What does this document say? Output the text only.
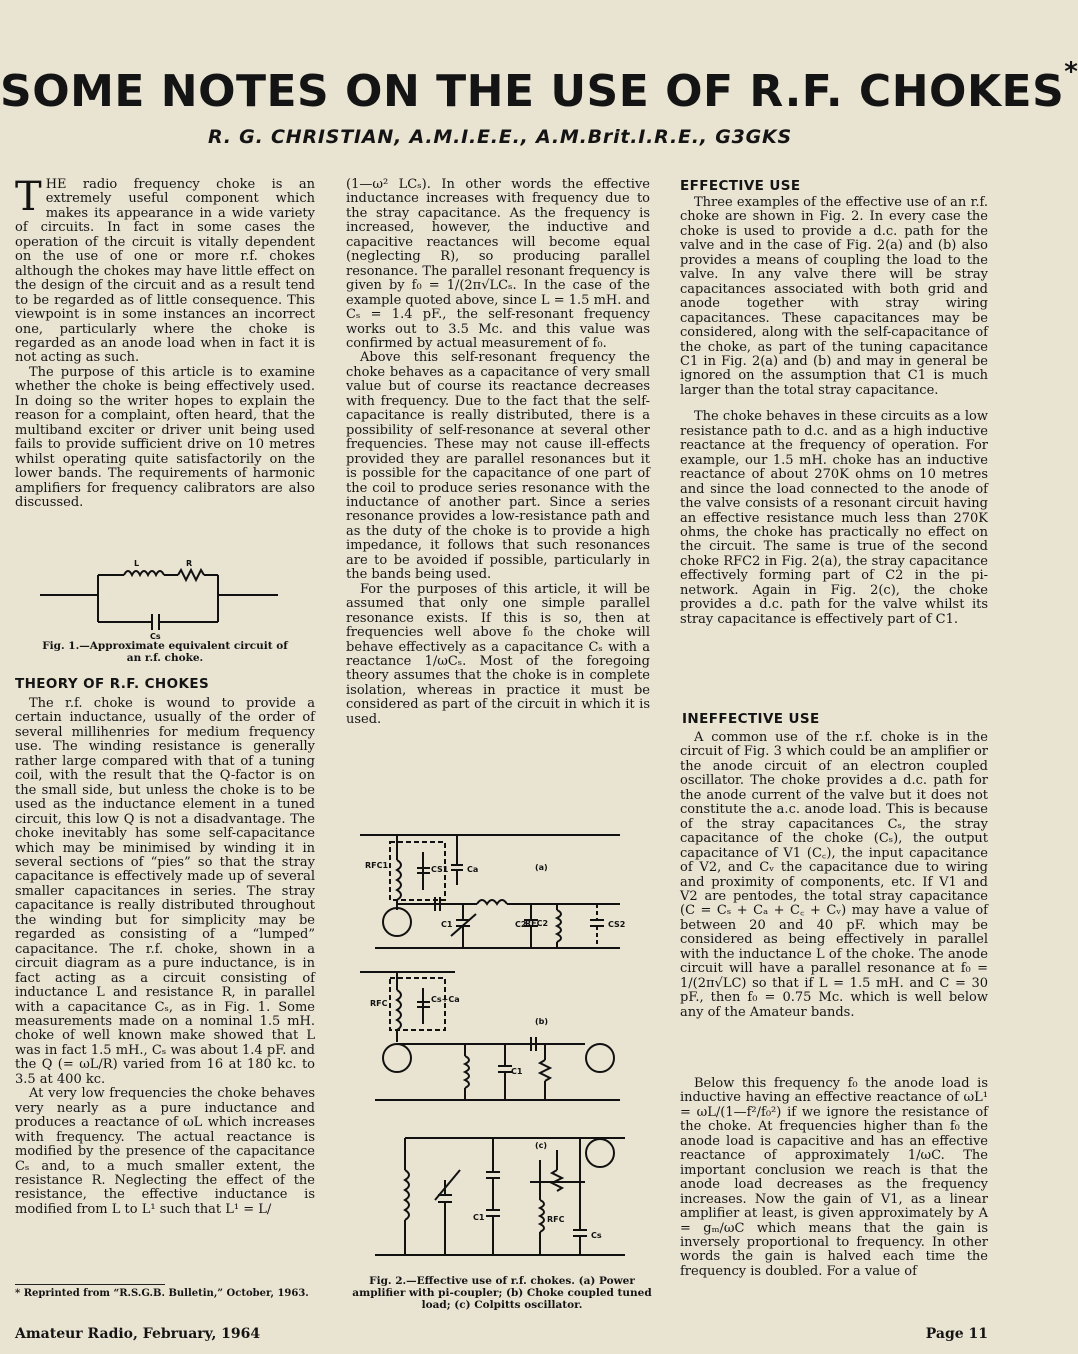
SOME NOTES ON THE USE OF R.F. CHOKES*
R. G. CHRISTIAN, A.M.I.E.E., A.M.Brit.I.R.E., G3GKS

THE radio frequency choke is an extremely useful component which makes its appearance in a wide variety of circuits. In fact in some cases the operation of the circuit is vitally dependent on the use of one or more r.f. chokes although the chokes may have little effect on the design of the circuit and as a result tend to be regarded as of little consequence. This viewpoint is in some instances an incorrect one, particularly where the choke is regarded as an anode load when in fact it is not acting as such.

The purpose of this article is to examine whether the choke is being effectively used. In doing so the writer hopes to explain the reason for a complaint, often heard, that the multiband exciter or driver unit being used fails to provide sufficient drive on 10 metres whilst operating quite satisfactorily on the lower bands. The requirements of harmonic amplifiers for frequency calibrators are also discussed.

L	R
Cs
Fig. 1.—Approximate equivalent circuit of an r.f. choke.
THEORY OF R.F. CHOKES

The r.f. choke is wound to provide a certain inductance, usually of the order of several millihenries for medium frequency use. The winding resistance is generally rather large compared with that of a tuning coil, with the result that the Q-factor is on the small side, but unless the choke is to be used as the inductance element in a tuned circuit, this low Q is not a disadvantage. The choke inevitably has some self-capacitance which may be minimised by winding it in several sections of “pies” so that the stray capacitance is effectively made up of several smaller capacitances in series. The stray capacitance is really distributed throughout the winding but for simplicity may be regarded as consisting of a “lumped” capacitance. The r.f. choke, shown in a circuit diagram as a pure inductance, is in fact acting as a circuit consisting of inductance L and resistance R, in parallel with a capacitance Cₛ, as in Fig. 1. Some measurements made on a nominal 1.5 mH. choke of well known make showed that L was in fact 1.5 mH., Cₛ was about 1.4 pF. and the Q (= ωL/R) varied from 16 at 180 kc. to 3.5 at 400 kc.

At very low frequencies the choke behaves very nearly as a pure inductance and produces a reactance of ωL which increases with frequency. The actual reactance is modified by the presence of the capacitance Cₛ and, to a much smaller extent, the resistance R. Neglecting the effect of the resistance, the effective inductance is modified from L to L¹ such that L¹ = L/

* Reprinted from “R.S.G.B. Bulletin,” October, 1963.

(1—ω² LCₛ). In other words the effective inductance increases with frequency due to the stray capacitance. As the frequency is increased, however, the inductive and capacitive reactances will become equal (neglecting R), so producing parallel resonance. The parallel resonant frequency is given by f₀ = 1/(2π√LCₛ. In the case of the example quoted above, since L = 1.5 mH. and Cₛ = 1.4 pF., the self-resonant frequency works out to 3.5 Mc. and this value was confirmed by actual measurement of f₀.

Above this self-resonant frequency the choke behaves as a capacitance of very small value but of course its reactance decreases with frequency. Due to the fact that the self-capacitance is really distributed, there is a possibility of self-resonance at several other frequencies. These may not cause ill-effects provided they are parallel resonances but it is possible for the capacitance of one part of the coil to produce series resonance with the inductance of another part. Since a series resonance provides a low-resistance path and as the duty of the choke is to provide a high impedance, it follows that such resonances are to be avoided if possible, particularly in the bands being used.

For the purposes of this article, it will be assumed that only one simple parallel resonance exists. If this is so, then at frequencies well above f₀ the choke will behave effectively as a capacitance Cₛ with a reactance 1/ωCₛ. Most of the foregoing theory assumes that the choke is in complete isolation, whereas in practice it must be considered as part of the circuit in which it is used.

(a)
RFC1	CS1 Ca
C1	C2
RFC2	CS2
(b)
RFC	Cs+Ca
C1
(c)
C1	RFC
Cs
Fig. 2.—Effective use of r.f. chokes. (a) Power amplifier with pi-coupler; (b) Choke coupled tuned load; (c) Colpitts oscillator.
EFFECTIVE USE

Three examples of the effective use of an r.f. choke are shown in Fig. 2. In every case the choke is used to provide a d.c. path for the valve and in the case of Fig. 2(a) and (b) also provides a means of coupling the load to the valve. In any valve there will be stray capacitances associated with both grid and anode together with stray wiring capacitances. These capacitances may be considered, along with the self-capacitance of the choke, as part of the tuning capacitance C1 in Fig. 2(a) and (b) and may in general be ignored on the assumption that C1 is much larger than the total stray capacitance.

The choke behaves in these circuits as a low resistance path to d.c. and as a high inductive reactance at the frequency of operation. For example, our 1.5 mH. choke has an inductive reactance of about 270K ohms on 10 metres and since the load connected to the anode of the valve consists of a resonant circuit having an effective resistance much less than 270K ohms, the choke has practically no effect on the circuit. The same is true of the second choke RFC2 in Fig. 2(a), the stray capacitance effectively forming part of C2 in the pi-network. Again in Fig. 2(c), the choke provides a d.c. path for the valve whilst its stray capacitance is effectively part of C1.

INEFFECTIVE USE

A common use of the r.f. choke is in the circuit of Fig. 3 which could be an amplifier or the anode circuit of an electron coupled oscillator. The choke provides a d.c. path for the anode current of the valve but it does not constitute the a.c. anode load. This is because of the stray capacitances Cₛ, the stray capacitance of the choke (Cₛ), the output capacitance of V1 (C꜀), the input capacitance of V2, and Cᵥ the capacitance due to wiring and proximity of components, etc. If V1 and V2 are pentodes, the total stray capacitance (C = Cₛ + Cₐ + C꜀ + Cᵥ) may have a value of between 20 and 40 pF. which may be considered as being effectively in parallel with the inductance L of the choke. The anode circuit will have a parallel resonance at f₀ = 1/(2π√LC) so that if L = 1.5 mH. and C = 30 pF., then f₀ = 0.75 Mc. which is well below any of the Amateur bands.

Below this frequency f₀ the anode load is inductive having an effective reactance of ωL¹ = ωL/(1—f²/f₀²) if we ignore the resistance of the choke. At frequencies higher than f₀ the anode load is capacitive and has an effective reactance of approximately 1/ωC. The important conclusion we reach is that the anode load decreases as the frequency increases. Now the gain of V1, as a linear amplifier at least, is given approximately by A = gₘ/ωC which means that the gain is inversely proportional to frequency. In other words the gain is halved each time the frequency is doubled. For a value of

Amateur Radio, February, 1964	Page 11
